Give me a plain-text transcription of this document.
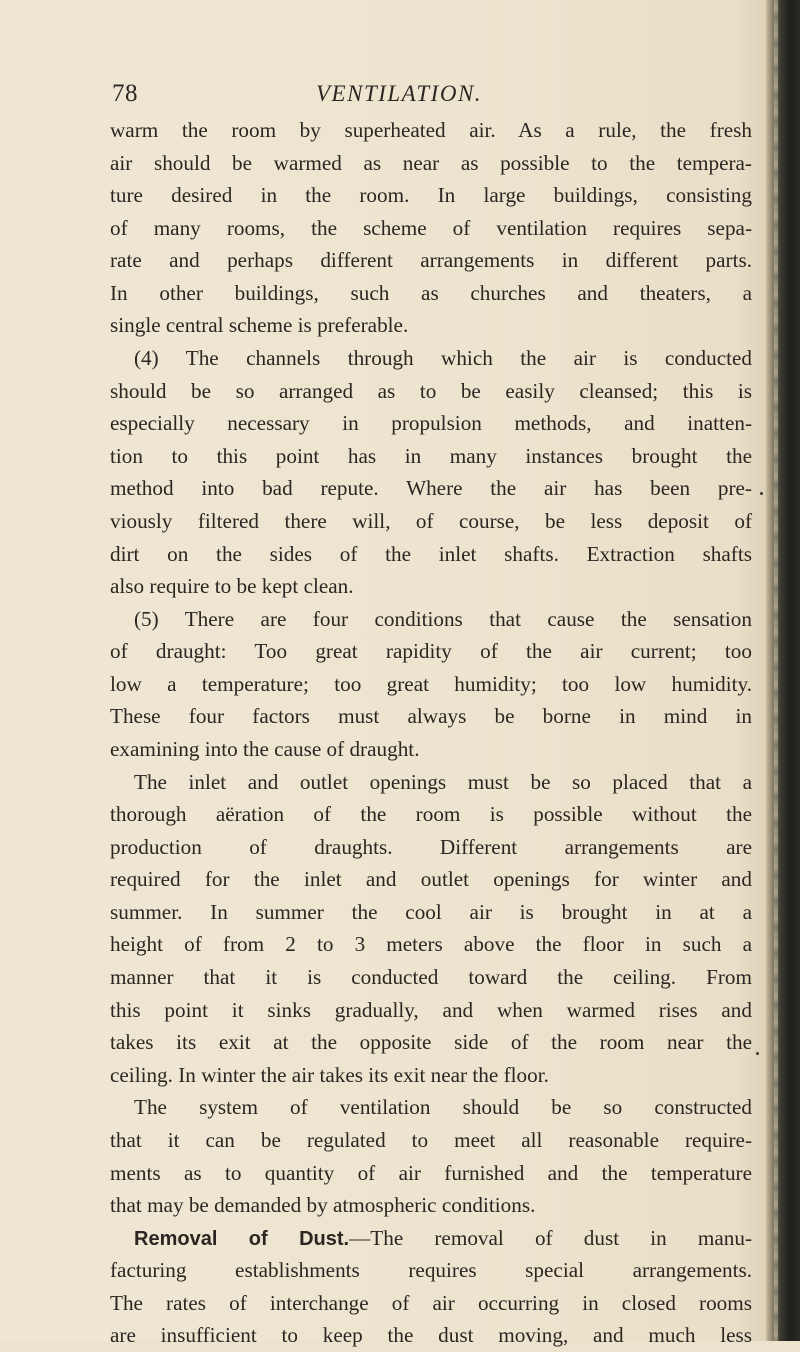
78	VENTILATION.
warm the room by superheated air. As a rule, the fresh
air should be warmed as near as possible to the tempera-
ture desired in the room. In large buildings, consisting
of many rooms, the scheme of ventilation requires sepa-
rate and perhaps different arrangements in different parts.
In other buildings, such as churches and theaters, a
single central scheme is preferable.
(4) The channels through which the air is conducted
should be so arranged as to be easily cleansed; this is
especially necessary in propulsion methods, and inatten-
tion to this point has in many instances brought the
method into bad repute. Where the air has been pre-
viously filtered there will, of course, be less deposit of
dirt on the sides of the inlet shafts. Extraction shafts
also require to be kept clean.
(5) There are four conditions that cause the sensation
of draught: Too great rapidity of the air current; too
low a temperature; too great humidity; too low humidity.
These four factors must always be borne in mind in
examining into the cause of draught.
The inlet and outlet openings must be so placed that a
thorough aëration of the room is possible without the
production of draughts. Different arrangements are
required for the inlet and outlet openings for winter and
summer. In summer the cool air is brought in at a
height of from 2 to 3 meters above the floor in such a
manner that it is conducted toward the ceiling. From
this point it sinks gradually, and when warmed rises and
takes its exit at the opposite side of the room near the
ceiling. In winter the air takes its exit near the floor.
The system of ventilation should be so constructed
that it can be regulated to meet all reasonable require-
ments as to quantity of air furnished and the temperature
that may be demanded by atmospheric conditions.
Removal of Dust.—The removal of dust in manu-
facturing establishments requires special arrangements.
The rates of interchange of air occurring in closed rooms
are insufficient to keep the dust moving, and much less
